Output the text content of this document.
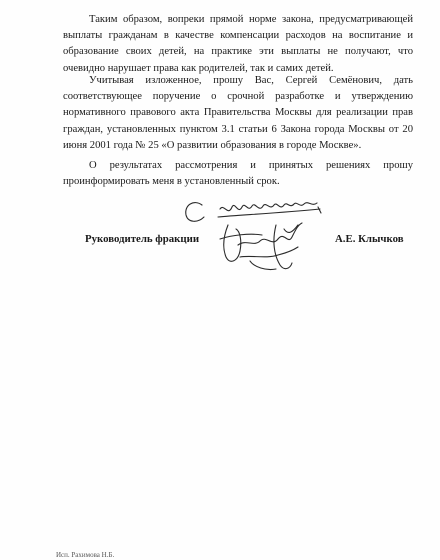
Таким образом, вопреки прямой норме закона, предусматривающей выплаты гражданам в качестве компенсации расходов на воспитание и образование своих детей, на практике эти выплаты не получают, что очевидно нарушает права как родителей, так и самих детей.

Учитывая изложенное, прошу Вас, Сергей Семёнович, дать соответствующее поручение о срочной разработке и утверждению нормативного правового акта Правительства Москвы для реализации прав граждан, установленных пунктом 3.1 статьи 6 Закона города Москвы от 20 июня 2001 года № 25 «О развитии образования в городе Москве».

О результатах рассмотрения и принятых решениях прошу проинформировать меня в установленный срок.

Руководитель фракции	А.Е. Клычков
Исп. Рахимова Н.Б.
